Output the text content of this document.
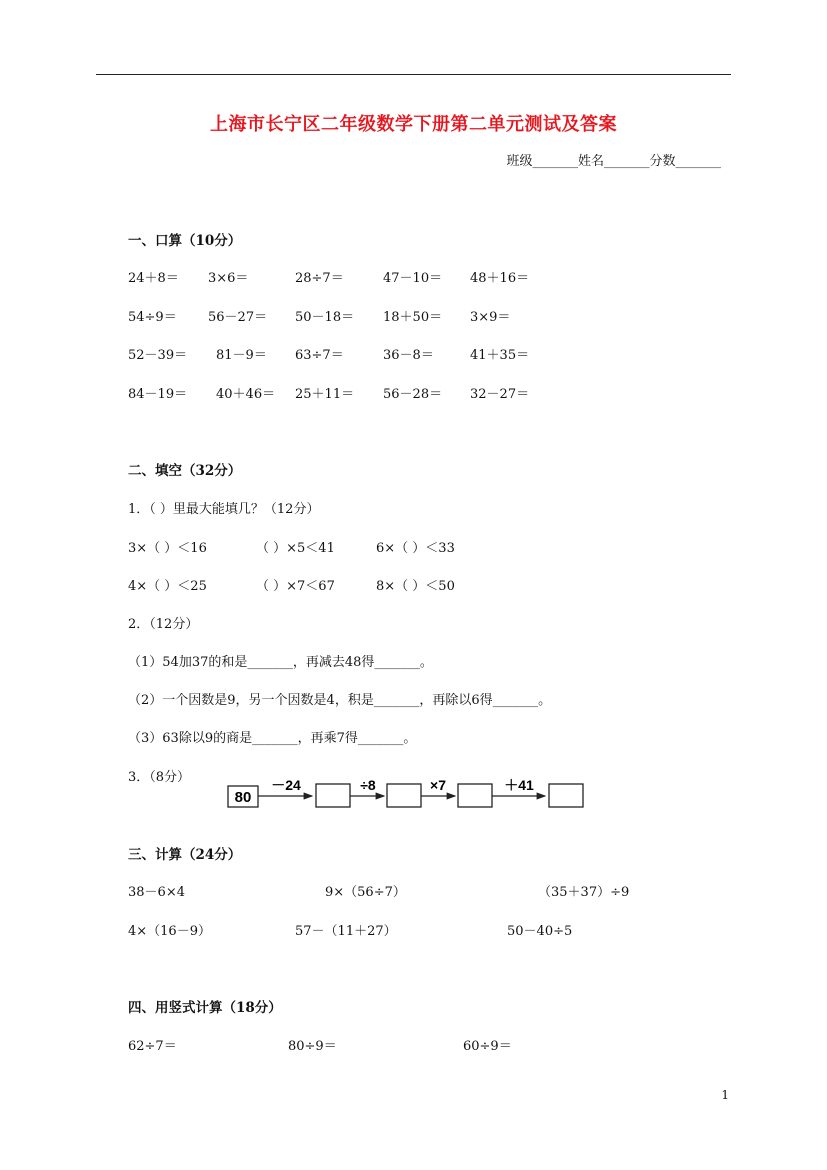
上海市长宁区二年级数学下册第二单元测试及答案
班级_______姓名_______分数_______
一、口算（10分）
24＋8＝ 3×6＝	28÷7＝	47－10＝ 48＋16＝
54÷9＝ 56－27＝ 50－18＝ 18＋50＝ 3×9＝
52－39＝ 81－9＝ 63÷7＝	36－8＝	41＋35＝
84－19＝ 40＋46＝ 25＋11＝ 56－28＝ 32－27＝
二、填空（32分）
1．（ ）里最大能填几？（12分）
3×（ ）＜16	（ ）×5＜41	6×（ ）＜33
4×（ ）＜25	（ ）×7＜67	8×（ ）＜50
2．（12分）
（1）54加37的和是_______，再减去48得_______。
（2）一个因数是9，另一个因数是4，积是_______，再除以6得_______。
（3）63除以9的商是_______，再乘7得_______。
3．（8分）
80
－24	÷8	×7	＋41
三、计算（24分）
38－6×4	9×（56÷7）	（35＋37）÷9
4×（16－9）	57－（11＋27）	50－40÷5
四、用竖式计算（18分）
62÷7＝	80÷9＝	60÷9＝
1
